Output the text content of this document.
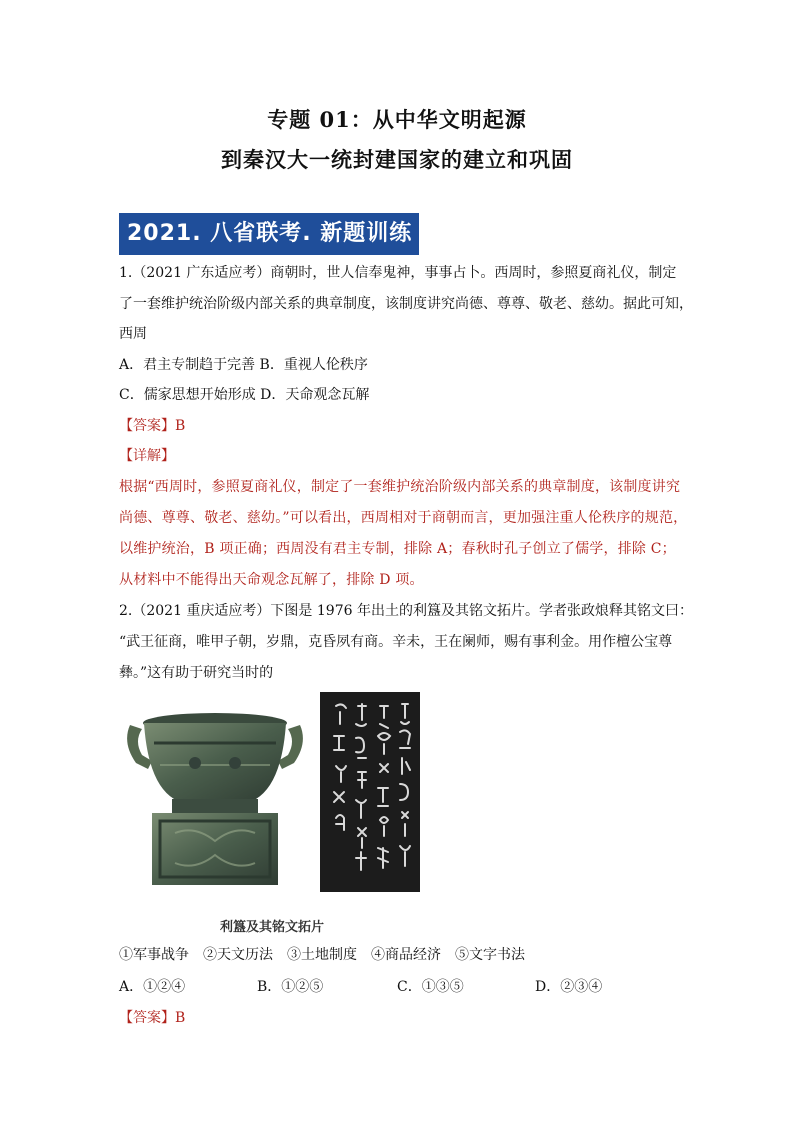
专题 01：从中华文明起源
到秦汉大一统封建国家的建立和巩固
2021. 八省联考. 新题训练
1.（2021 广东适应考）商朝时，世人信奉鬼神，事事占卜。西周时，参照夏商礼仪，制定
了一套维护统治阶级内部关系的典章制度，该制度讲究尚德、尊尊、敬老、慈幼。据此可知，
西周
A．君主专制趋于完善 B．重视人伦秩序
C．儒家思想开始形成 D．天命观念瓦解
【答案】B
【详解】
根据“西周时，参照夏商礼仪，制定了一套维护统治阶级内部关系的典章制度，该制度讲究
尚德、尊尊、敬老、慈幼。”可以看出，西周相对于商朝而言，更加强注重人伦秩序的规范，
以维护统治，B 项正确；西周没有君主专制，排除 A；春秋时孔子创立了儒学，排除 C；
从材料中不能得出天命观念瓦解了，排除 D 项。
2.（2021 重庆适应考）下图是 1976 年出土的利簋及其铭文拓片。学者张政烺释其铭文曰：
“武王征商，唯甲子朝，岁鼎，克昏夙有商。辛未，王在阑师，赐有事利金。用作檀公宝尊
彝。”这有助于研究当时的
利簋及其铭文拓片
①军事战争　②天文历法　③土地制度　④商品经济　⑤文字书法
A．①②④	B．①②⑤	C．①③⑤	D．②③④
【答案】B
